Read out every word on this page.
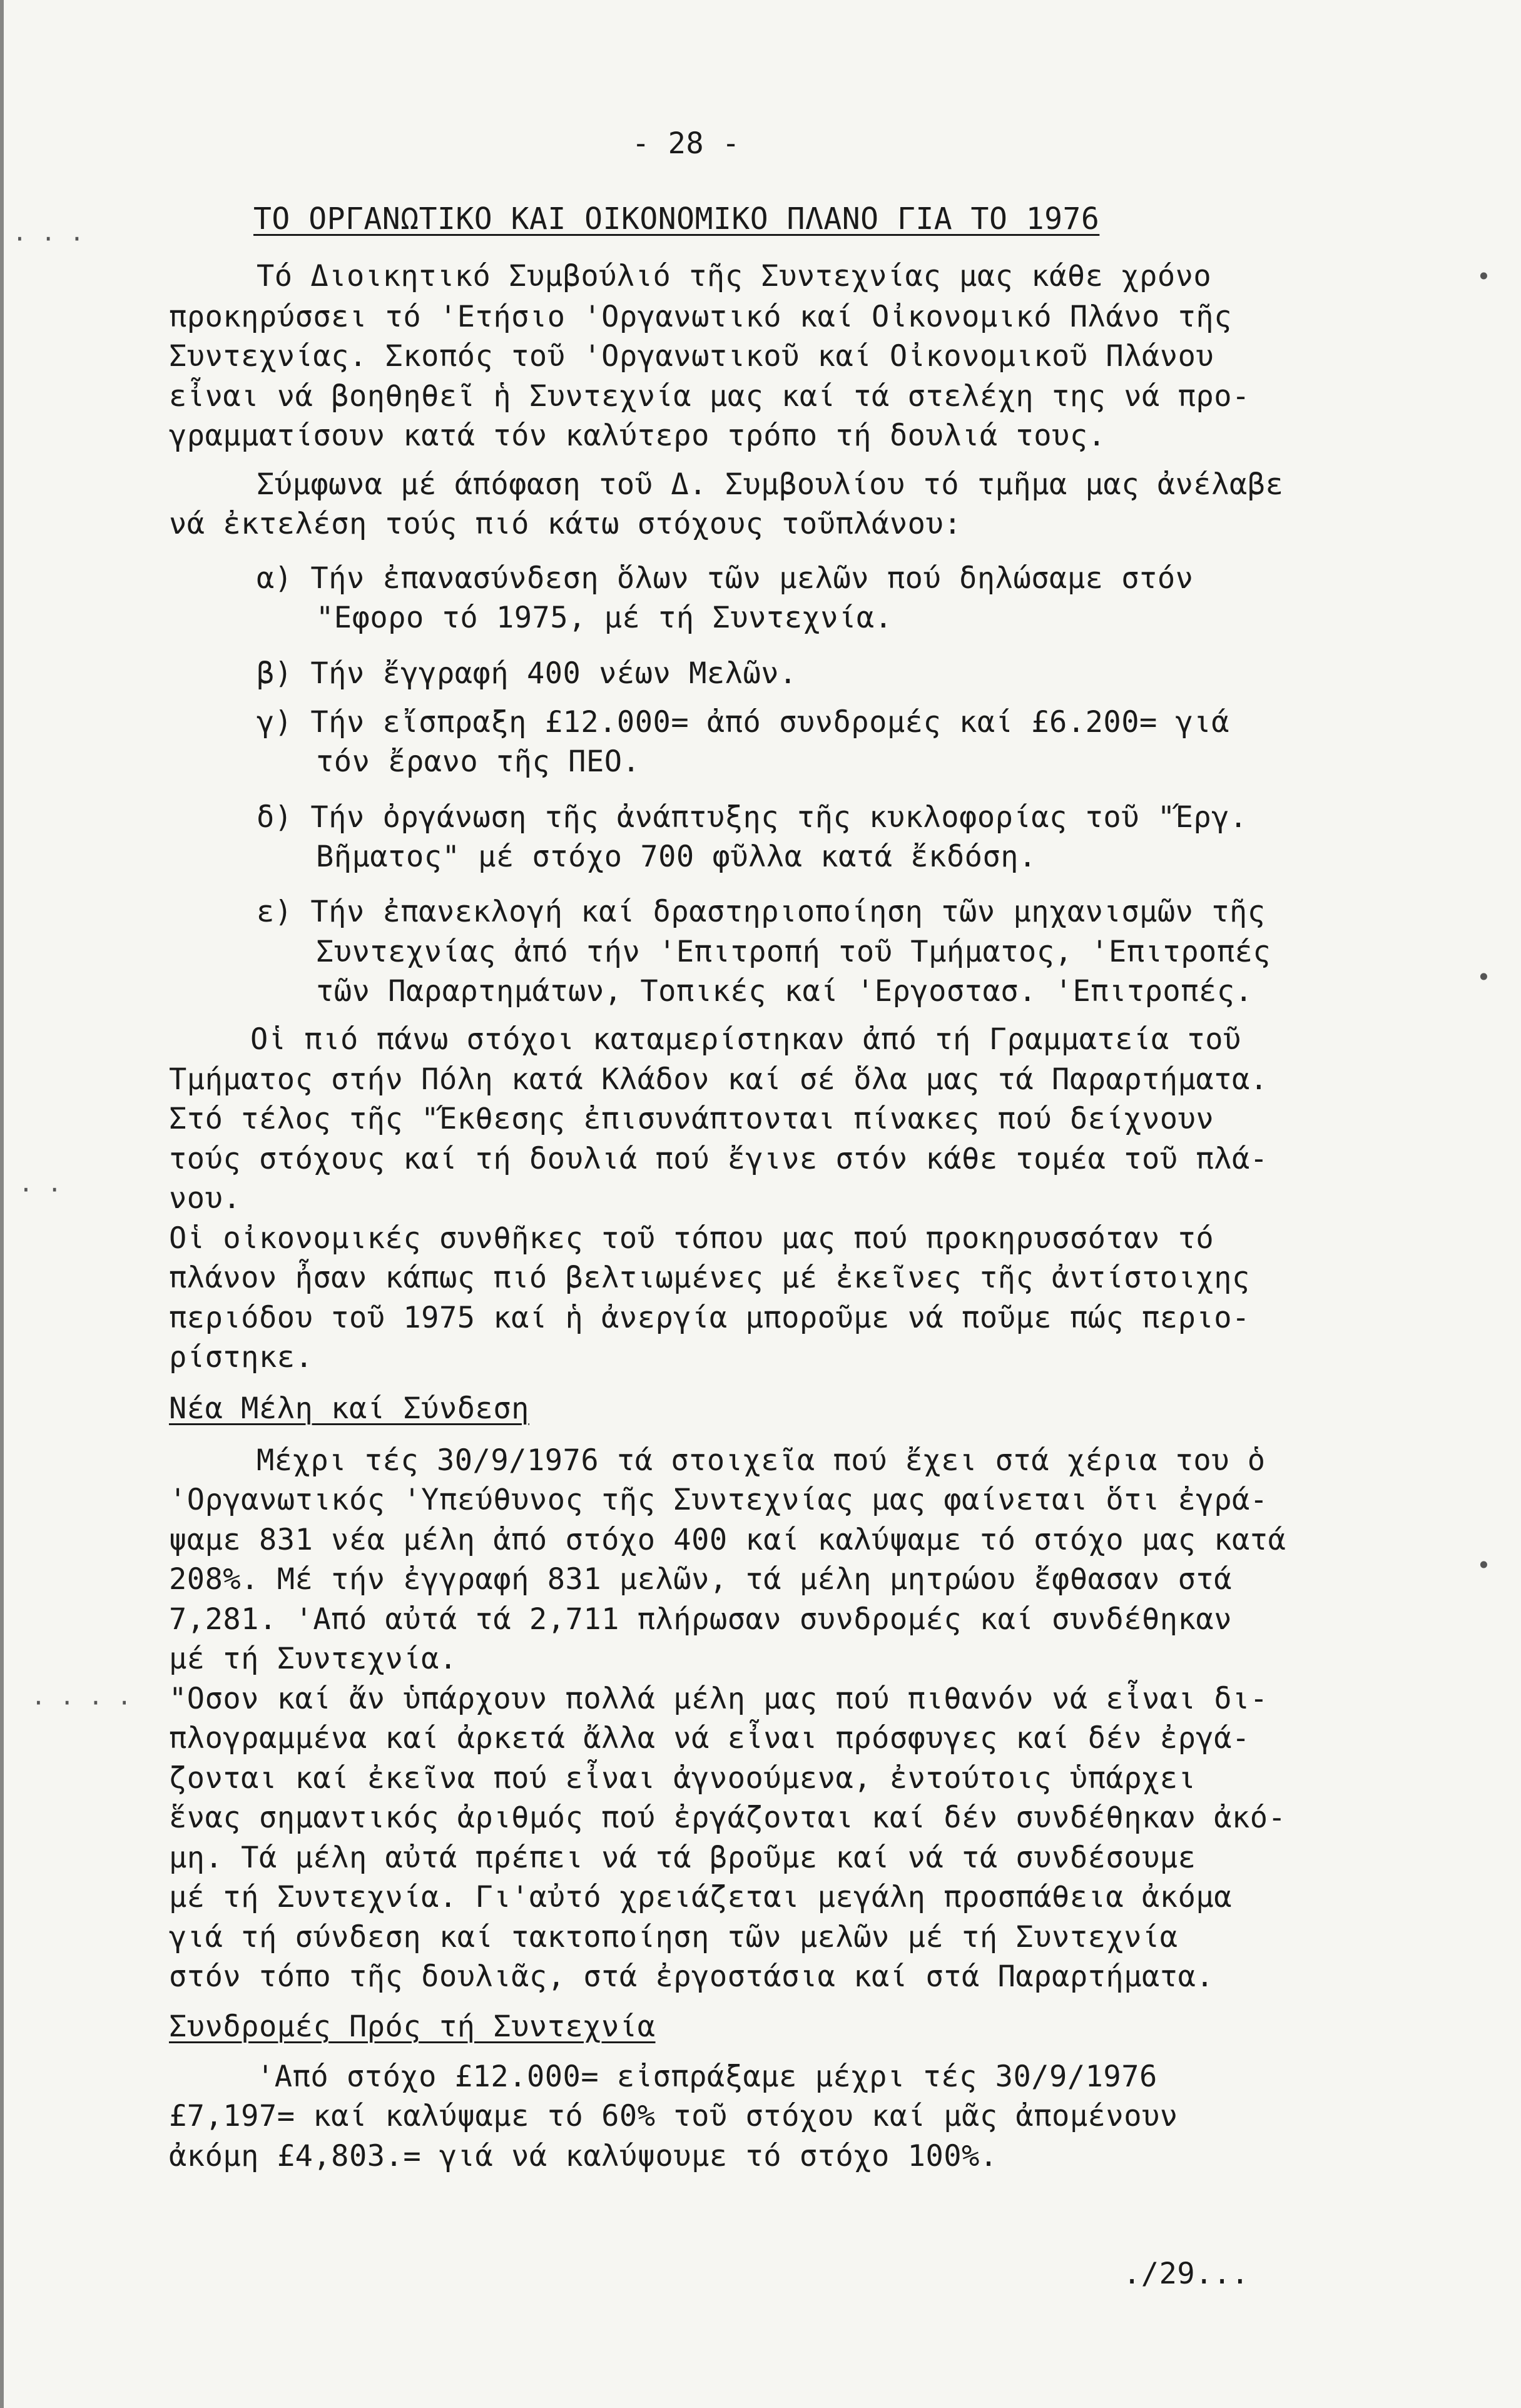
- 28 -
ΤΟ ΟΡΓΑΝΩΤΙΚΟ ΚΑΙ ΟΙΚΟΝΟΜΙΚΟ ΠΛΑΝΟ ΓΙΑ ΤΟ 1976
Τό Διοικητικό Συμβούλιό τῆς Συντεχνίας μας κάθε χρόνο
προκηρύσσει τό 'Ετήσιο 'Οργανωτικό καί Οἰκονομικό Πλάνο τῆς
Συντεχνίας. Σκοπός τοῦ 'Οργανωτικοῦ καί Οἰκονομικοῦ Πλάνου
εἶναι νά βοηθηθεῖ ἡ Συντεχνία μας καί τά στελέχη της νά προ-
γραμματίσουν κατά τόν καλύτερο τρόπο τή δουλιά τους.
Σύμφωνα μέ άπόφαση τοῦ Δ. Συμβουλίου τό τμῆμα μας ἀνέλαβε
νά ἐκτελέση τούς πιό κάτω στόχους τοῦπλάνου:
α) Τήν ἐπανασύνδεση ὅλων τῶν μελῶν πού δηλώσαμε στόν
"Εφορο τό 1975, μέ τή Συντεχνία.
β) Τήν ἔγγραφή 400 νέων Μελῶν.
γ) Τήν εἴσπραξη £12.000= ἀπό συνδρομές καί £6.200= γιά
τόν ἔρανο τῆς ΠΕΟ.
δ) Τήν ὀργάνωση τῆς ἀνάπτυξης τῆς κυκλοφορίας τοῦ "Έργ.
Βῆματος" μέ στόχο 700 φῦλλα κατά ἔκδόση.
ε) Τήν ἐπανεκλογή καί δραστηριοποίηση τῶν μηχανισμῶν τῆς
Συντεχνίας ἀπό τήν 'Επιτροπή τοῦ Τμήματος, 'Επιτροπές
τῶν Παραρτημάτων, Τοπικές καί 'Εργοστασ. 'Επιτροπές.
Οἱ πιό πάνω στόχοι καταμερίστηκαν ἀπό τή Γραμματεία τοῦ
Τμήματος στήν Πόλη κατά Κλάδον καί σέ ὅλα μας τά Παραρτήματα.
Στό τέλος τῆς "Έκθεσης ἐπισυνάπτονται πίνακες πού δείχνουν
τούς στόχους καί τή δουλιά πού ἔγινε στόν κάθε τομέα τοῦ πλά-
νου.
Οἱ οἰκονομικές συνθῆκες τοῦ τόπου μας πού προκηρυσσόταν τό
πλάνον ἦσαν κάπως πιό βελτιωμένες μέ ἐκεῖνες τῆς ἀντίστοιχης
περιόδου τοῦ 1975 καί ἡ ἀνεργία μποροῦμε νά ποῦμε πώς περιο-
ρίστηκε.
Νέα Μέλη καί Σύνδεση
Μέχρι τές 30/9/1976 τά στοιχεῖα πού ἔχει στά χέρια του ὁ
'Οργανωτικός 'Υπεύθυνος τῆς Συντεχνίας μας φαίνεται ὅτι ἐγρά-
ψαμε 831 νέα μέλη ἀπό στόχο 400 καί καλύψαμε τό στόχο μας κατά
208%. Μέ τήν ἐγγραφή 831 μελῶν, τά μέλη μητρώου ἔφθασαν στά
7,281. 'Από αὐτά τά 2,711 πλήρωσαν συνδρομές καί συνδέθηκαν
μέ τή Συντεχνία.
"Οσον καί ἄν ὑπάρχουν πολλά μέλη μας πού πιθανόν νά εἶναι δι-
πλογραμμένα καί ἀρκετά ἄλλα νά εἶναι πρόσφυγες καί δέν ἐργά-
ζονται καί ἐκεῖνα πού εἶναι ἀγνοούμενα, ἐντούτοις ὑπάρχει
ἕνας σημαντικός ἀριθμός πού ἐργάζονται καί δέν συνδέθηκαν ἀκό-
μη. Τά μέλη αὐτά πρέπει νά τά βροῦμε καί νά τά συνδέσουμε
μέ τή Συντεχνία. Γι'αὐτό χρειάζεται μεγάλη προσπάθεια ἀκόμα
γιά τή σύνδεση καί τακτοποίηση τῶν μελῶν μέ τή Συντεχνία
στόν τόπο τῆς δουλιᾶς, στά ἐργοστάσια καί στά Παραρτήματα.
Συνδρομές Πρός τή Συντεχνία
'Από στόχο £12.000= εἰσπράξαμε μέχρι τές 30/9/1976
£7,197= καί καλύψαμε τό 60% τοῦ στόχου καί μᾶς ἀπομένουν
ἀκόμη £4,803.= γιά νά καλύψουμε τό στόχο 100%.
./29...
· · ·
· ·
· · · ·
•
•
•
